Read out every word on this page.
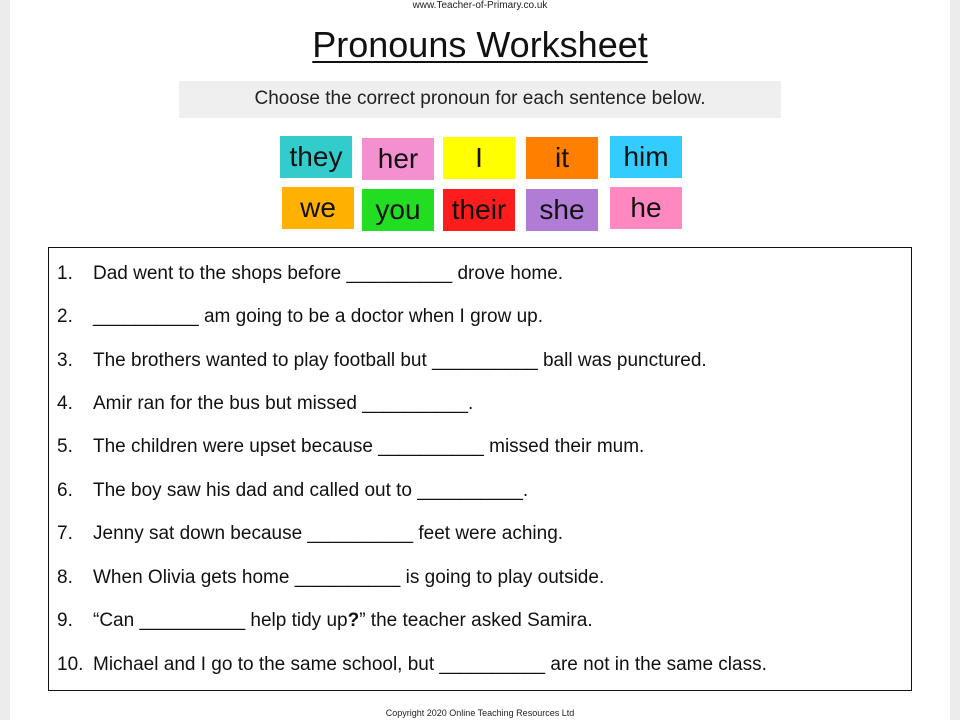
www.Teacher-of-Primary.co.uk
Pronouns Worksheet
Choose the correct pronoun for each sentence below.
they	her	I	it	him
we	you	their	she	he
1. Dad went to the shops before __________ drove home.
2. __________ am going to be a doctor when I grow up.
3. The brothers wanted to play football but __________ ball was punctured.
4. Amir ran for the bus but missed __________.
5. The children were upset because __________ missed their mum.
6. The boy saw his dad and called out to __________.
7. Jenny sat down because __________ feet were aching.
8. When Olivia gets home __________ is going to play outside.
9. “Can __________ help tidy up?” the teacher asked Samira.
10. Michael and I go to the same school, but __________ are not in the same class.
Copyright 2020 Online Teaching Resources Ltd
